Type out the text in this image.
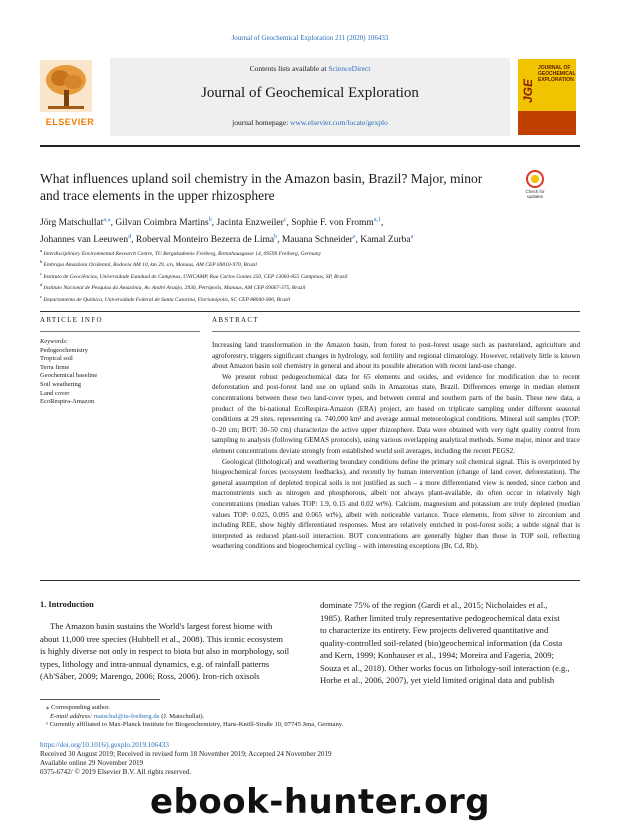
Journal of Geochemical Exploration 211 (2020) 106433
ELSEVIER
Contents lists available at ScienceDirect
Journal of Geochemical Exploration
journal homepage: www.elsevier.com/locate/gexplo
JOURNAL OF GEOCHEMICAL EXPLORATION
JGE
What influences upland soil chemistry in the Amazon basin, Brazil? Major, minor and trace elements in the upper rhizosphere	Check for updates
Jörg Matschullat$^{a,⁎}$, Gilvan Coimbra Martins$^b$, Jacinta Enzweiler$^c$, Sophie F. von Fromm$^{a,1}$,
Johannes van Leeuwen$^d$, Roberval Monteiro Bezerra de Lima$^b$, Mauana Schneider$^e$, Kamal Zurba$^a$
$^a$ Interdisciplinary Environmental Research Centre, TU Bergakademie Freiberg, Brennhausgasse 14, 09599 Freiberg, Germany
$^b$ Embrapa Amazônia Ocidental, Rodovia AM 10, km 29, s/n, Manaus, AM CEP 69010-970, Brazil
$^c$ Instituto de Geociências, Universidade Estadual de Campinas, UNICAMP, Rua Carlos Gomes 250, CEP 13083-855 Campinas, SP, Brazil
$^d$ Instituto Nacional de Pesquisa da Amazônia, Av. André Araújo, 2936, Petrópolis, Manaus, AM CEP 69067-375, Brazil
$^e$ Departamento de Química, Universidade Federal de Santa Catarina, Florianópolis, SC CEP 88040-900, Brazil
ARTICLE INFO	ABSTRACT
Keywords:
Pedogeochemistry
Tropical soil
Terra firme
Geochemical baseline
Soil weathering
Land cover
EcoRespira-Amazon

Increasing land transformation in the Amazon basin, from forest to post-forest usage such as pastureland, agriculture and agroforestry, triggers significant changes in hydrology, soil fertility and regional climatology. However, relatively little is known about Amazon basin soil chemistry in general and about its possible alteration with recent land-use change.

We present robust pedogeochemical data for 65 elements and oxides, and evidence for modification due to recent deforestation and post-forest land use on upland soils in Amazonas state, Brazil. Differences emerge in median element concentrations between these two land-cover types, and between central and southern parts of the basin. These new data, a product of the bi-national EcoRespira-Amazon (ERA) project, are based on triplicate sampling under different seasonal conditions at 29 sites, representing ca. 740,000 km² and average annual meteorological conditions. Mineral soil samples (TOP: 0–20 cm; BOT: 30–50 cm) characterize the active upper rhizosphere. Data were obtained with very tight quality control from sampling to analysis (following GEMAS protocols), using various overlapping analytical methods. Some major, minor and trace element concentrations deviate strongly from established world soil averages, including the recent PEGS2.

Geological (lithological) and weathering boundary conditions define the primary soil chemical signal. This is overprinted by biogeochemical forces (ecosystem feedbacks), and recently by human intervention (change of land cover, deforestation). The general assumption of depleted tropical soils is not justified as such – a more differentiated view is needed, since carbon and macronutrients such as nitrogen and phosphorous, albeit not always plant-available, do often occur in relatively high concentrations (median values TOP: 1.9, 0.15 and 0.02 wt%). Calcium, magnesium and potassium are truly depleted (median values TOP: 0.025, 0.095 and 0.065 wt%), albeit with noticeable variance. Trace elements, from silver to zirconium and including REE, show highly differentiated responses. Most are relatively enriched in post-forest soils; a subtle signal that is interpreted as reduced plant-soil interaction. BOT concentrations are generally higher than those in TOP soil, reflecting weathering conditions and biogeochemical cycling – with interesting exceptions (Br, Cd, Rb).

1. Introduction

The Amazon basin sustains the World's largest forest biome with

about 11,000 tree species (Hubbell et al., 2008). This iconic ecosystem

is highly diverse not only in respect to biota but also in morphology, soil

types, lithology and intra-annual dynamics, e.g. of rainfall patterns

(Ab'Sáber, 2009; Marengo, 2006; Ross, 2006). Iron-rich oxisols

dominate 75% of the region (Gardi et al., 2015; Nicholaides et al.,

1985). Rather limited truly representative pedogeochemical data exist

to characterize its entirety. Few projects delivered quantitative and

quality-controlled soil-related (bio)geochemical information (da Costa

and Kern, 1999; Konhauser et al., 1994; Moreira and Fageria, 2009;

Souza et al., 2018). Other works focus on lithology-soil interaction (e.g.,

Horbe et al., 2006, 2007), yet yield limited original data and publish

⁎ Corresponding author.
E-mail address: matschul@tu-freiberg.de (J. Matschullat).
¹ Currently affiliated to Max-Planck Institute for Biogeochemistry, Hans-Knöll-Straße 10, 07745 Jena, Germany.
https://doi.org/10.1016/j.gexplo.2019.106433
Received 30 August 2019; Received in revised form 18 November 2019; Accepted 24 November 2019
Available online 29 November 2019
0375-6742/ © 2019 Elsevier B.V. All rights reserved.
ebook-hunter.org
